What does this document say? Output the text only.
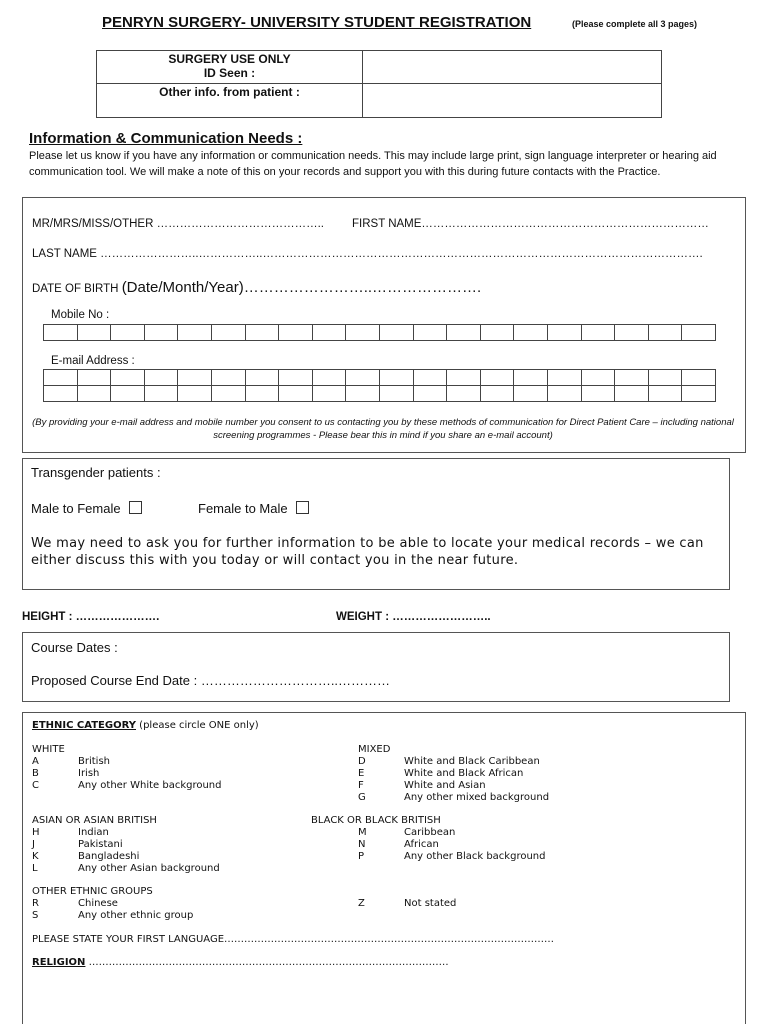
PENRYN SURGERY- UNIVERSITY STUDENT REGISTRATION	(Please complete all 3 pages)
SURGERY USE ONLY
ID Seen :	

Other info. from patient :	

Information & Communication Needs :
Please let us know if you have any information or communication needs. This may include large print, sign language interpreter or hearing aid communication tool. We will make a note of this on your records and support you with this during future contacts with the Practice.
MR/MRS/MISS/OTHER …………………………………….. FIRST NAME…………………………………………………………………
LAST NAME ……………………..……………..…………………………………………………………………………………………………….
DATE OF BIRTH (Date/Month/Year)……………………..………………….
Mobile No :
E-mail Address :
(By providing your e-mail address and mobile number you consent to us contacting you by these methods of communication for Direct Patient Care – including national screening programmes - Please bear this in mind if you share an e-mail account)
Transgender patients :
Male to Female	Female to Male
We may need to ask you for further information to be able to locate your medical records – we can either discuss this with you today or will contact you in the near future.
HEIGHT : ………………….	WEIGHT : ……………………..
Course Dates :
Proposed Course End Date : …………………………..…………
ETHNIC CATEGORY (please circle ONE only)
WHITE
A	British
B	Irish
C	Any other White background
MIXED
D	White and Black Caribbean
E	White and Black African
F	White and Asian
G	Any other mixed background
ASIAN OR ASIAN BRITISH
H	Indian
J	Pakistani
K	Bangladeshi
L	Any other Asian background
BLACK OR BLACK BRITISH
M	Caribbean
N	African
P	Any other Black background
OTHER ETHNIC GROUPS
R	Chinese
S	Any other ethnic group
Z	Not stated
PLEASE STATE YOUR FIRST LANGUAGE………………………………………………………………………………………
RELIGION ………………………………………………………………………………………………
